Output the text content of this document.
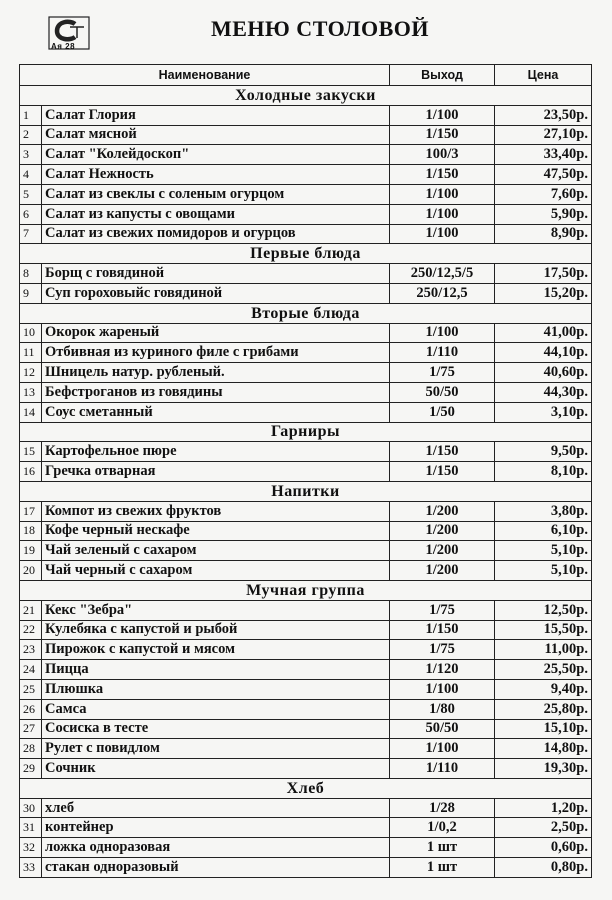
Ая 28
МЕНЮ СТОЛОВОЙ
Наименование		Выход	Цена
Холодные закуски			
1	Салат Глория	1/100	23,50р.
2	Салат мясной	1/150	27,10р.
3	Салат "Колейдоскоп"	100/3	33,40р.
4	Салат Нежность	1/150	47,50р.
5	Салат из свеклы с соленым огурцом	1/100	7,60р.
6	Салат из капусты с овощами	1/100	5,90р.
7	Салат из свежих помидоров и огурцов	1/100	8,90р.
Первые блюда			
8	Борщ с говядиной	250/12,5/5	17,50р.
9	Суп гороховыйс говядиной	250/12,5	15,20р.
Вторые блюда			
10	Окорок жареный	1/100	41,00р.
11	Отбивная из куриного филе с грибами	1/110	44,10р.
12	Шницель натур. рубленый.	1/75	40,60р.
13	Бефстроганов из говядины	50/50	44,30р.
14	Соус сметанный	1/50	3,10р.
Гарниры			
15	Картофельное пюре	1/150	9,50р.
16	Гречка отварная	1/150	8,10р.
Напитки			
17	Компот из свежих фруктов	1/200	3,80р.
18	Кофе черный нескафе	1/200	6,10р.
19	Чай зеленый с сахаром	1/200	5,10р.
20	Чай черный с сахаром	1/200	5,10р.
Мучная группа			
21	Кекс "Зебра"	1/75	12,50р.
22	Кулебяка с капустой и рыбой	1/150	15,50р.
23	Пирожок с капустой и мясом	1/75	11,00р.
24	Пицца	1/120	25,50р.
25	Плюшка	1/100	9,40р.
26	Самса	1/80	25,80р.
27	Сосиска в тесте	50/50	15,10р.
28	Рулет с повидлом	1/100	14,80р.
29	Сочник	1/110	19,30р.
Хлеб			
30	хлеб	1/28	1,20р.
31	контейнер	1/0,2	2,50р.
32	ложка одноразовая	1 шт	0,60р.
33	стакан одноразовый	1 шт	0,80р.
